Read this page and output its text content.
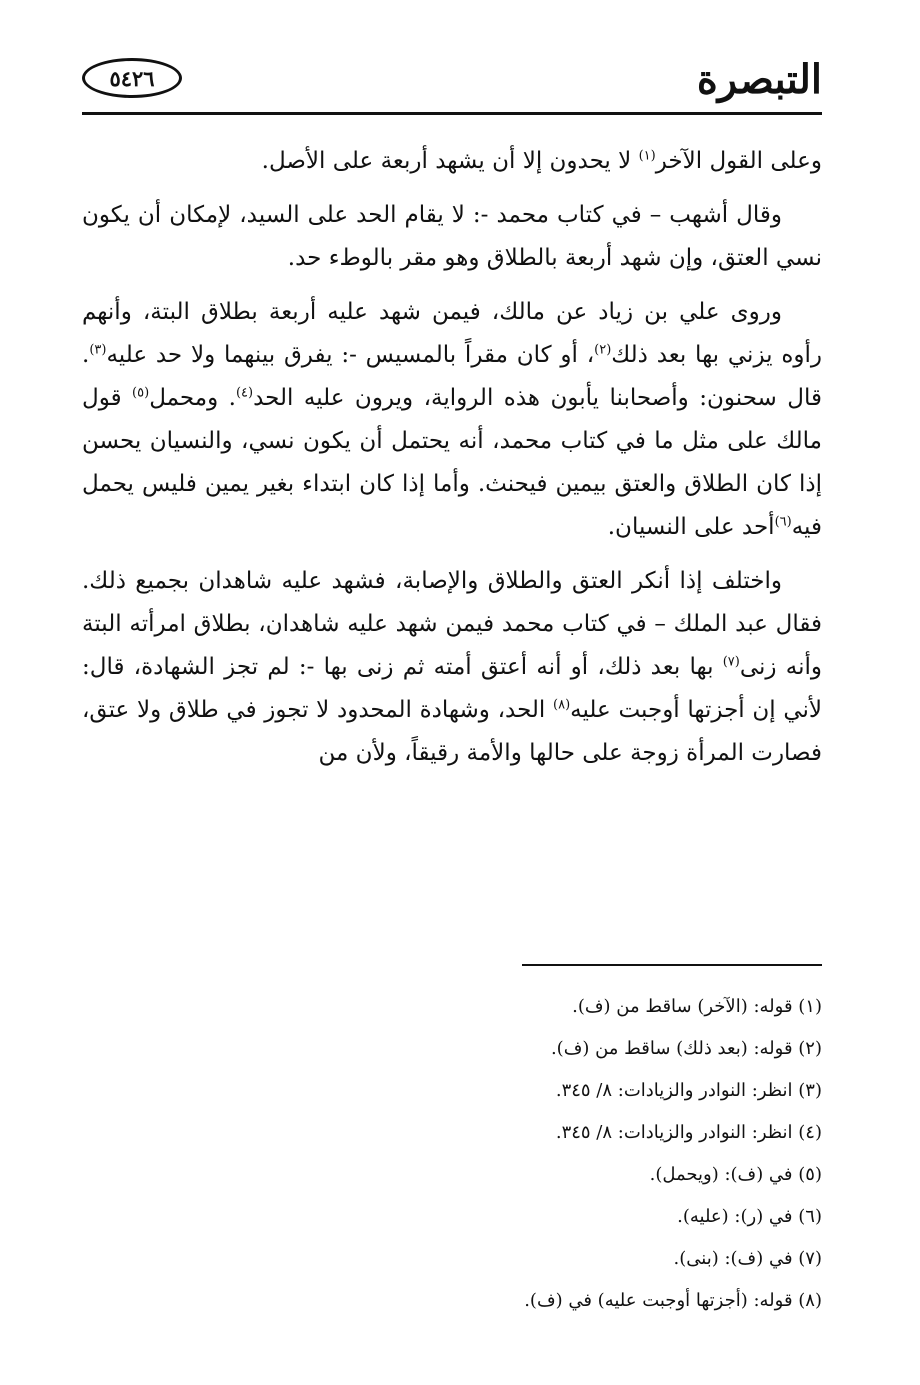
التبصرة
٥٤٢٦

وعلى القول الآخر$^{(١)}$ لا يحدون إلا أن يشهد أربعة على الأصل.

وقال أشهب – في كتاب محمد -: لا يقام الحد على السيد، لإمكان أن يكون نسي العتق، وإن شهد أربعة بالطلاق وهو مقر بالوطء حد.

وروى علي بن زياد عن مالك، فيمن شهد عليه أربعة بطلاق البتة، وأنهم رأوه يزني بها بعد ذلك$^{(٢)}$، أو كان مقراً بالمسيس -: يفرق بينهما ولا حد عليه$^{(٣)}$. قال سحنون: وأصحابنا يأبون هذه الرواية، ويرون عليه الحد$^{(٤)}$. ومحمل$^{(٥)}$ قول مالك على مثل ما في كتاب محمد، أنه يحتمل أن يكون نسي، والنسيان يحسن إذا كان الطلاق والعتق بيمين فيحنث. وأما إذا كان ابتداء بغير يمين فليس يحمل فيه$^{(٦)}$أحد على النسيان.

واختلف إذا أنكر العتق والطلاق والإصابة، فشهد عليه شاهدان بجميع ذلك. فقال عبد الملك – في كتاب محمد فيمن شهد عليه شاهدان، بطلاق امرأته البتة وأنه زنى$^{(٧)}$ بها بعد ذلك، أو أنه أعتق أمته ثم زنى بها -: لم تجز الشهادة، قال: لأني إن أجزتها أوجبت عليه$^{(٨)}$ الحد، وشهادة المحدود لا تجوز في طلاق ولا عتق، فصارت المرأة زوجة على حالها والأمة رقيقاً، ولأن من

(١) قوله: (الآخر) ساقط من (ف).
(٢) قوله: (بعد ذلك) ساقط من (ف).
(٣) انظر: النوادر والزيادات: ٨/ ٣٤٥.
(٤) انظر: النوادر والزيادات: ٨/ ٣٤٥.
(٥) في (ف): (ويحمل).
(٦) في (ر): (عليه).
(٧) في (ف): (بنى).
(٨) قوله: (أجزتها أوجبت عليه) في (ف).
